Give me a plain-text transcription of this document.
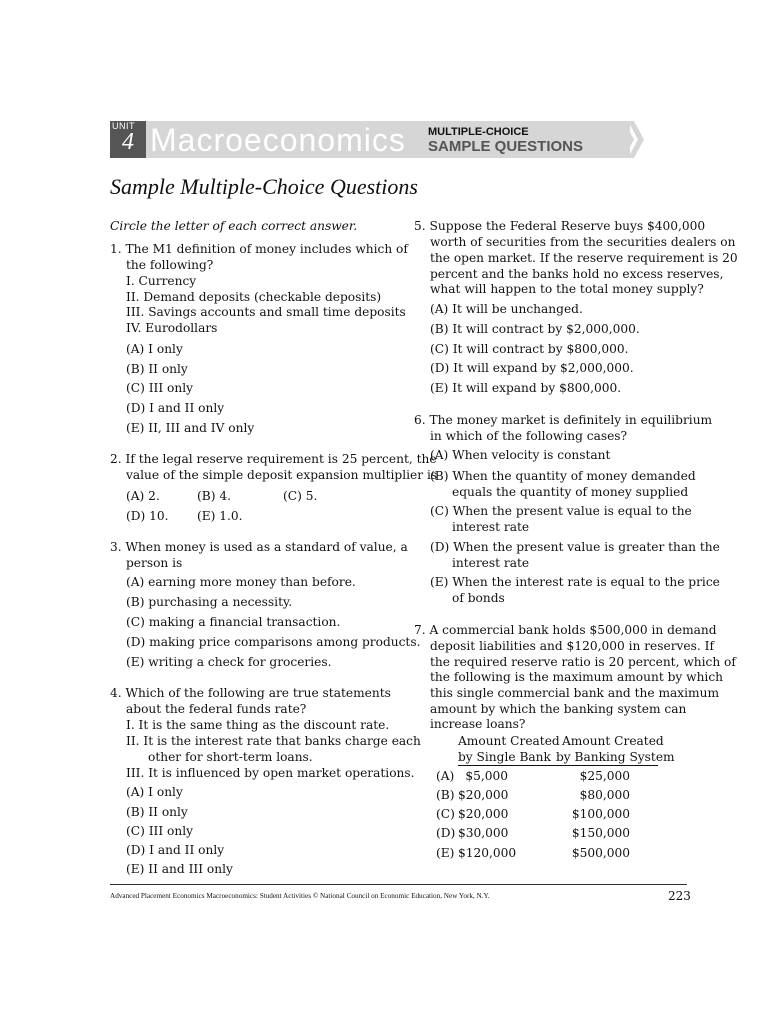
UNIT
4 Macroeconomics MULTIPLE-CHOICE
SAMPLE QUESTIONS
Sample Multiple-Choice Questions
Circle the letter of each correct answer.
1. The M1 definition of money includes which of
the following?
I. Currency
II. Demand deposits (checkable deposits)
III. Savings accounts and small time deposits
IV. Eurodollars
(A) I only
(B) II only
(C) III only
(D) I and II only
(E) II, III and IV only
2. If the legal reserve requirement is 25 percent, the
value of the simple deposit expansion multiplier is
(A) 2.	(B) 4.	(C) 5.
(D) 10. (E) 1.0.
3. When money is used as a standard of value, a
person is
(A) earning more money than before.
(B) purchasing a necessity.
(C) making a financial transaction.
(D) making price comparisons among products.
(E) writing a check for groceries.
4. Which of the following are true statements
about the federal funds rate?
I. It is the same thing as the discount rate.
II. It is the interest rate that banks charge each
other for short-term loans.
III. It is influenced by open market operations.
(A) I only
(B) II only
(C) III only
(D) I and II only
(E) II and III only
5. Suppose the Federal Reserve buys $400,000
worth of securities from the securities dealers on
the open market. If the reserve requirement is 20
percent and the banks hold no excess reserves,
what will happen to the total money supply?
(A) It will be unchanged.
(B) It will contract by $2,000,000.
(C) It will contract by $800,000.
(D) It will expand by $2,000,000.
(E) It will expand by $800,000.
6. The money market is definitely in equilibrium
in which of the following cases?
(A) When velocity is constant
(B) When the quantity of money demanded
equals the quantity of money supplied
(C) When the present value is equal to the
interest rate
(D) When the present value is greater than the
interest rate
(E) When the interest rate is equal to the price
of bonds
7. A commercial bank holds $500,000 in demand
deposit liabilities and $120,000 in reserves. If
the required reserve ratio is 20 percent, which of
the following is the maximum amount by which
this single commercial bank and the maximum
amount by which the banking system can
increase loans?
Amount Created
by Single Bank
Amount Created
by Banking System
(A) $5,000	$25,000
(B) $20,000	$80,000
(C) $20,000	$100,000
(D) $30,000	$150,000
(E) $120,000	$500,000
Advanced Placement Economics Macroeconomics: Student Activities © National Council on Economic Education, New York, N.Y.	223
